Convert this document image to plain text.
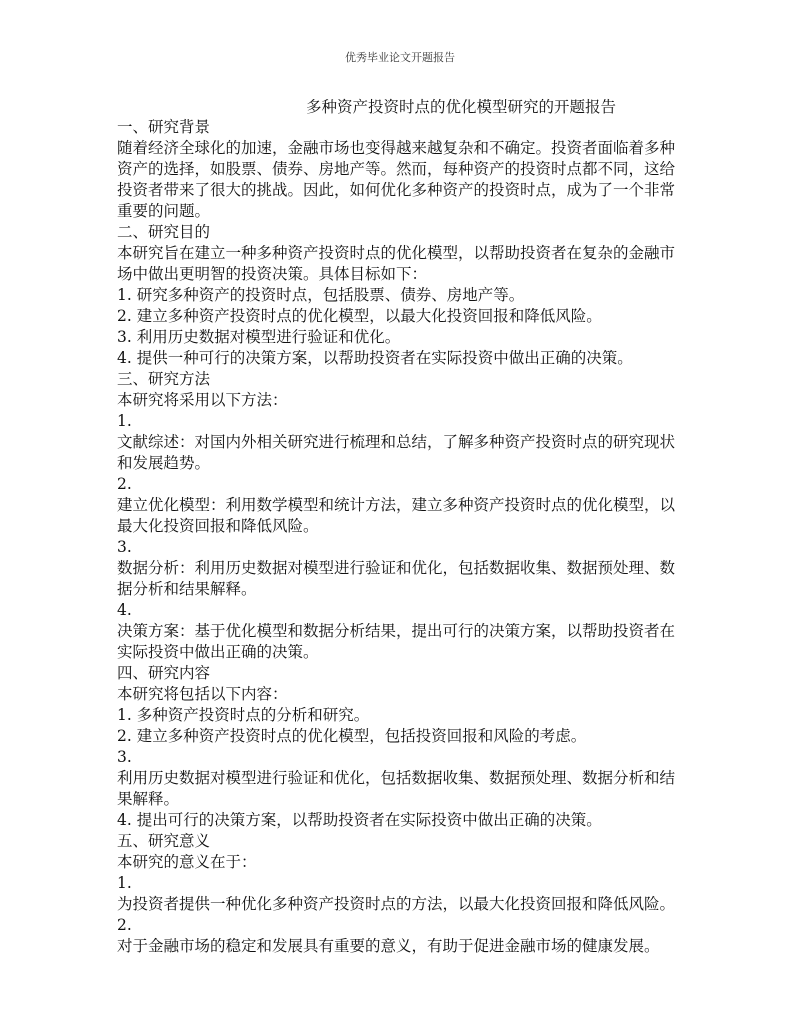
优秀毕业论文开题报告
多种资产投资时点的优化模型研究的开题报告
一、研究背景
随着经济全球化的加速，金融市场也变得越来越复杂和不确定。投资者面临着多种
资产的选择，如股票、债券、房地产等。然而，每种资产的投资时点都不同，这给
投资者带来了很大的挑战。因此，如何优化多种资产的投资时点，成为了一个非常
重要的问题。
二、研究目的
本研究旨在建立一种多种资产投资时点的优化模型，以帮助投资者在复杂的金融市
场中做出更明智的投资决策。具体目标如下：
1. 研究多种资产的投资时点，包括股票、债券、房地产等。
2. 建立多种资产投资时点的优化模型，以最大化投资回报和降低风险。
3. 利用历史数据对模型进行验证和优化。
4. 提供一种可行的决策方案，以帮助投资者在实际投资中做出正确的决策。
三、研究方法
本研究将采用以下方法：
1.
文献综述：对国内外相关研究进行梳理和总结，了解多种资产投资时点的研究现状
和发展趋势。
2.
建立优化模型：利用数学模型和统计方法，建立多种资产投资时点的优化模型，以
最大化投资回报和降低风险。
3.
数据分析：利用历史数据对模型进行验证和优化，包括数据收集、数据预处理、数
据分析和结果解释。
4.
决策方案：基于优化模型和数据分析结果，提出可行的决策方案，以帮助投资者在
实际投资中做出正确的决策。
四、研究内容
本研究将包括以下内容：
1. 多种资产投资时点的分析和研究。
2. 建立多种资产投资时点的优化模型，包括投资回报和风险的考虑。
3.
利用历史数据对模型进行验证和优化，包括数据收集、数据预处理、数据分析和结
果解释。
4. 提出可行的决策方案，以帮助投资者在实际投资中做出正确的决策。
五、研究意义
本研究的意义在于：
1.
为投资者提供一种优化多种资产投资时点的方法，以最大化投资回报和降低风险。
2.
对于金融市场的稳定和发展具有重要的意义，有助于促进金融市场的健康发展。
